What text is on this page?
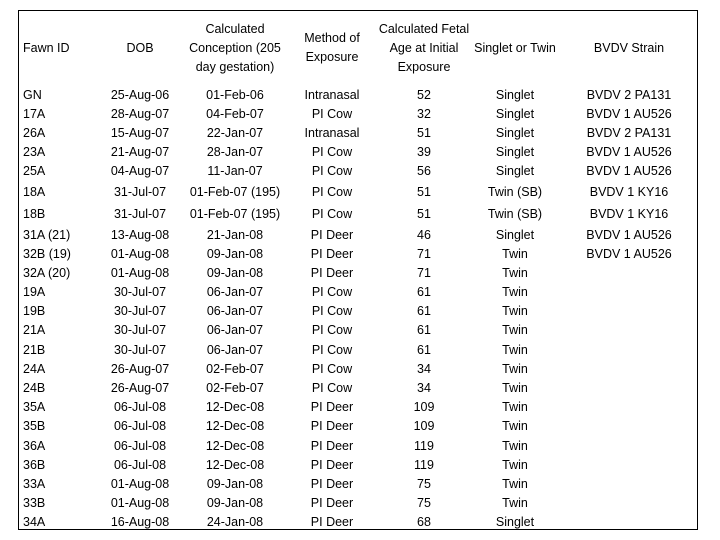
Fawn ID	DOB	Calculated Conception (205 day gestation)	Method of Exposure	Calculated Fetal Age at Initial Exposure	Singlet or Twin	BVDV Strain
GN	25-Aug-06	01-Feb-06	Intranasal	52	Singlet	BVDV 2 PA131
17A	28-Aug-07	04-Feb-07	PI Cow	32	Singlet	BVDV 1 AU526
26A	15-Aug-07	22-Jan-07	Intranasal	51	Singlet	BVDV 2 PA131
23A	21-Aug-07	28-Jan-07	PI Cow	39	Singlet	BVDV 1 AU526
25A	04-Aug-07	11-Jan-07	PI Cow	56	Singlet	BVDV 1 AU526
18A	31-Jul-07	01-Feb-07 (195)	PI Cow	51	Twin (SB)	BVDV 1 KY16
18B	31-Jul-07	01-Feb-07 (195)	PI Cow	51	Twin (SB)	BVDV 1 KY16
31A (21)	13-Aug-08	21-Jan-08	PI Deer	46	Singlet	BVDV 1 AU526
32B (19)	01-Aug-08	09-Jan-08	PI Deer	71	Twin	BVDV 1 AU526
32A (20)	01-Aug-08	09-Jan-08	PI Deer	71	Twin	
19A	30-Jul-07	06-Jan-07	PI Cow	61	Twin	
19B	30-Jul-07	06-Jan-07	PI Cow	61	Twin	
21A	30-Jul-07	06-Jan-07	PI Cow	61	Twin	
21B	30-Jul-07	06-Jan-07	PI Cow	61	Twin	
24A	26-Aug-07	02-Feb-07	PI Cow	34	Twin	
24B	26-Aug-07	02-Feb-07	PI Cow	34	Twin	
35A	06-Jul-08	12-Dec-08	PI Deer	109	Twin	
35B	06-Jul-08	12-Dec-08	PI Deer	109	Twin	
36A	06-Jul-08	12-Dec-08	PI Deer	119	Twin	
36B	06-Jul-08	12-Dec-08	PI Deer	119	Twin	
33A	01-Aug-08	09-Jan-08	PI Deer	75	Twin	
33B	01-Aug-08	09-Jan-08	PI Deer	75	Twin	
34A	16-Aug-08	24-Jan-08	PI Deer	68	Singlet	
